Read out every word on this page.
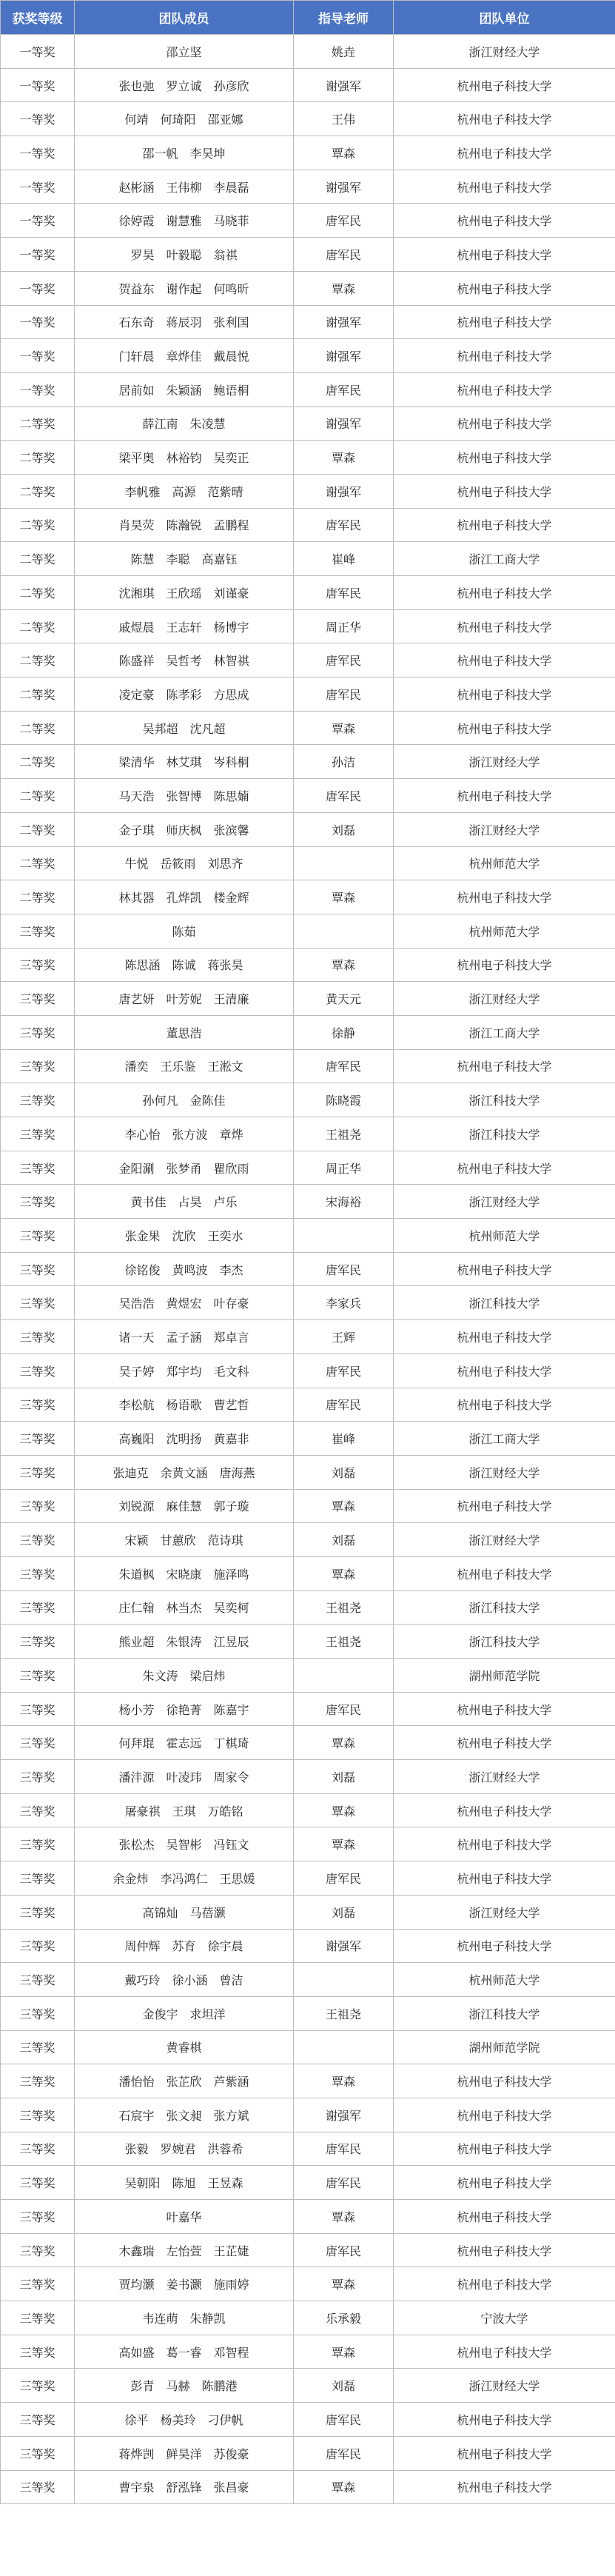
获奖等级	团队成员	指导老师	团队单位
一等奖	邵立坚	姚垚	浙江财经大学
一等奖	张也弛　罗立诚　孙彦欣	谢强军	杭州电子科技大学
一等奖	何靖　何琦阳　邵亚娜	王伟	杭州电子科技大学
一等奖	邵一帆　李昊坤	覃森	杭州电子科技大学
一等奖	赵彬涵　王伟柳　李晨磊	谢强军	杭州电子科技大学
一等奖	徐婷霞　谢慧雅　马晓菲	唐军民	杭州电子科技大学
一等奖	罗昊　叶毅聪　翁祺	唐军民	杭州电子科技大学
一等奖	贺益东　谢作起　何鸣昕	覃森	杭州电子科技大学
一等奖	石东奇　蒋辰羽　张利国	谢强军	杭州电子科技大学
一等奖	门轩晨　章烨佳　戴晨悦	谢强军	杭州电子科技大学
一等奖	居前如　朱颖涵　鲍语桐	唐军民	杭州电子科技大学
二等奖	薛江南　朱凌慧	谢强军	杭州电子科技大学
二等奖	梁平奥　林裕钧　吴奕正	覃森	杭州电子科技大学
二等奖	李帆雅　高源　范紫晴	谢强军	杭州电子科技大学
二等奖	肖昊荧　陈瀚锐　孟鹏程	唐军民	杭州电子科技大学
二等奖	陈慧　李聪　高嘉钰	崔峰	浙江工商大学
二等奖	沈湘琪　王欣瑶　刘谨豪	唐军民	杭州电子科技大学
二等奖	戚煜晨　王志轩　杨博宇	周正华	杭州电子科技大学
二等奖	陈盛祥　吴哲考　林智祺	唐军民	杭州电子科技大学
二等奖	凌定豪　陈孝彩　方思成	唐军民	杭州电子科技大学
二等奖	吴邦超　沈凡超	覃森	杭州电子科技大学
二等奖	梁清华　林艾琪　岑科桐	孙洁	浙江财经大学
二等奖	马天浩　张智博　陈思婻	唐军民	杭州电子科技大学
二等奖	金子琪　师庆枫　张滨馨	刘磊	浙江财经大学
二等奖	牛悦　岳筱雨　刘思齐		杭州师范大学
二等奖	林其器　孔烨凯　楼金辉	覃森	杭州电子科技大学
三等奖	陈茹		杭州师范大学
三等奖	陈思涵　陈诚　蒋张昊	覃森	杭州电子科技大学
三等奖	唐艺妍　叶芳妮　王清廉	黄天元	浙江财经大学
三等奖	董思浩	徐静	浙江工商大学
三等奖	潘奕　王乐鉴　王淞文	唐军民	杭州电子科技大学
三等奖	孙何凡　金陈佳	陈晓霞	浙江科技大学
三等奖	李心怡　张方波　章烨	王祖尧	浙江科技大学
三等奖	金阳涮　张梦甬　瞿欣雨	周正华	杭州电子科技大学
三等奖	黄书佳　占昊　卢乐	宋海裕	浙江财经大学
三等奖	张金果　沈欣　王奕水		杭州师范大学
三等奖	徐铭俊　黄鸣波　李杰	唐军民	杭州电子科技大学
三等奖	吴浩浩　黄煜宏　叶存豪	李家兵	浙江科技大学
三等奖	诸一天　孟子涵　郑卓言	王辉	杭州电子科技大学
三等奖	吴子婷　郑宇均　毛文科	唐军民	杭州电子科技大学
三等奖	李松航　杨语歌　曹艺哲	唐军民	杭州电子科技大学
三等奖	高巍阳　沈明扬　黄嘉非	崔峰	浙江工商大学
三等奖	张迪克　余黄文涵　唐海燕	刘磊	浙江财经大学
三等奖	刘锐源　麻佳慧　郭子璇	覃森	杭州电子科技大学
三等奖	宋颖　甘蕙欣　范诗琪	刘磊	浙江财经大学
三等奖	朱道枫　宋晓康　施泽鸣	覃森	杭州电子科技大学
三等奖	庄仁翰　林当杰　吴奕柯	王祖尧	浙江科技大学
三等奖	熊业超　朱银涛　江昱辰	王祖尧	浙江科技大学
三等奖	朱文涛　梁启炜		湖州师范学院
三等奖	杨小芳　徐艳菁　陈嘉宇	唐军民	杭州电子科技大学
三等奖	何拜琨　霍志远　丁棋琦	覃森	杭州电子科技大学
三等奖	潘沣源　叶凌玮　周家令	刘磊	浙江财经大学
三等奖	屠豪祺　王琪　万皓铭	覃森	杭州电子科技大学
三等奖	张松杰　吴智彬　冯钰文	覃森	杭州电子科技大学
三等奖	余金炜　李冯鸿仁　王思媛	唐军民	杭州电子科技大学
三等奖	高锦灿　马蓓灏	刘磊	浙江财经大学
三等奖	周仲辉　苏育　徐宇晨	谢强军	杭州电子科技大学
三等奖	戴巧玲　徐小涵　曾洁		杭州师范大学
三等奖	金俊宇　求坦洋	王祖尧	浙江科技大学
三等奖	黄睿棋		湖州师范学院
三等奖	潘怡怡　张芷欣　芦紫涵	覃森	杭州电子科技大学
三等奖	石宸宇　张文昶　张方斌	谢强军	杭州电子科技大学
三等奖	张毅　罗婉君　洪蓉希	唐军民	杭州电子科技大学
三等奖	吴朝阳　陈旭　王昱森	唐军民	杭州电子科技大学
三等奖	叶嘉华	覃森	杭州电子科技大学
三等奖	木鑫瑞　左怡萱　王芷婕	唐军民	杭州电子科技大学
三等奖	贾均灏　姜书灏　施雨婷	覃森	杭州电子科技大学
三等奖	韦连萌　朱静凯	乐承毅	宁波大学
三等奖	高如盛　葛一睿　邓智程	覃森	杭州电子科技大学
三等奖	彭青　马赫　陈鹏港	刘磊	浙江财经大学
三等奖	徐平　杨美玲　刁伊帆	唐军民	杭州电子科技大学
三等奖	蒋烨剀　鲜昊洋　苏俊豪	唐军民	杭州电子科技大学
三等奖	曹宇泉　舒泓锋　张昌豪	覃森	杭州电子科技大学
